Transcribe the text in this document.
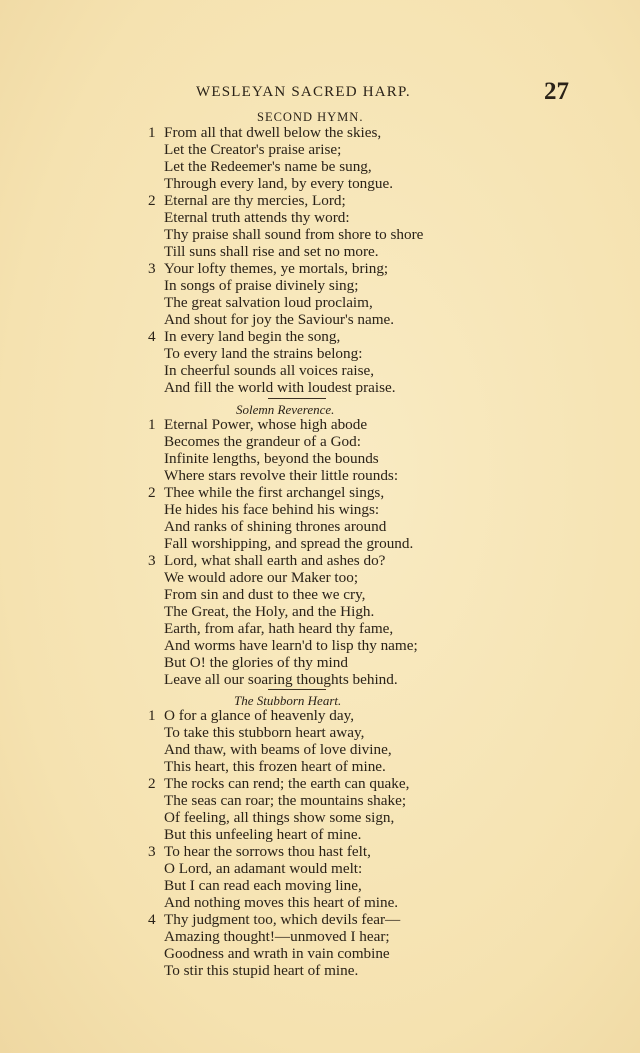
WESLEYAN SACRED HARP.	27
SECOND HYMN.
1 From all that dwell below the skies,
Let the Creator's praise arise;
Let the Redeemer's name be sung,
Through every land, by every tongue.
2 Eternal are thy mercies, Lord;
Eternal truth attends thy word:
Thy praise shall sound from shore to shore
Till suns shall rise and set no more.
3 Your lofty themes, ye mortals, bring;
In songs of praise divinely sing;
The great salvation loud proclaim,
And shout for joy the Saviour's name.
4 In every land begin the song,
To every land the strains belong:
In cheerful sounds all voices raise,
And fill the world with loudest praise.
Solemn Reverence.
1 Eternal Power, whose high abode
Becomes the grandeur of a God:
Infinite lengths, beyond the bounds
Where stars revolve their little rounds:
2 Thee while the first archangel sings,
He hides his face behind his wings:
And ranks of shining thrones around
Fall worshipping, and spread the ground.
3 Lord, what shall earth and ashes do?
We would adore our Maker too;
From sin and dust to thee we cry,
The Great, the Holy, and the High.
Earth, from afar, hath heard thy fame,
And worms have learn'd to lisp thy name;
But O! the glories of thy mind
Leave all our soaring thoughts behind.
The Stubborn Heart.
1 O for a glance of heavenly day,
To take this stubborn heart away,
And thaw, with beams of love divine,
This heart, this frozen heart of mine.
2 The rocks can rend; the earth can quake,
The seas can roar; the mountains shake;
Of feeling, all things show some sign,
But this unfeeling heart of mine.
3 To hear the sorrows thou hast felt,
O Lord, an adamant would melt:
But I can read each moving line,
And nothing moves this heart of mine.
4 Thy judgment too, which devils fear—
Amazing thought!—unmoved I hear;
Goodness and wrath in vain combine
To stir this stupid heart of mine.
